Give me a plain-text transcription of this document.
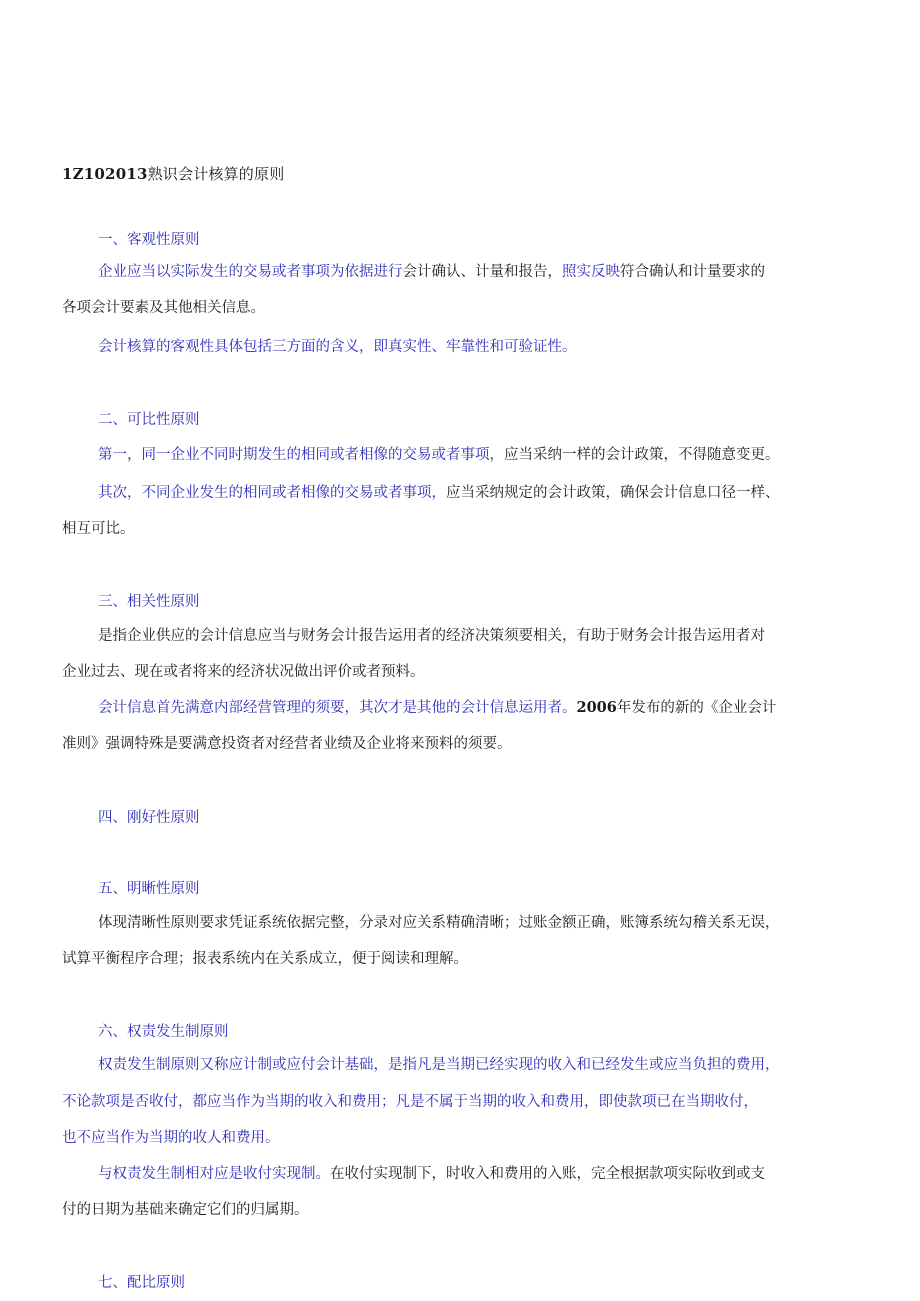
1Z102013熟识会计核算的原则
一、客观性原则
企业应当以实际发生的交易或者事项为依据进行会计确认、计量和报告，照实反映符合确认和计量要求的
各项会计要素及其他相关信息。
会计核算的客观性具体包括三方面的含义，即真实性、牢靠性和可验证性。
二、可比性原则
第一，同一企业不同时期发生的相同或者相像的交易或者事项，应当采纳一样的会计政策，不得随意变更。
其次，不同企业发生的相同或者相像的交易或者事项，应当采纳规定的会计政策，确保会计信息口径一样、
相互可比。
三、相关性原则
是指企业供应的会计信息应当与财务会计报告运用者的经济决策须要相关，有助于财务会计报告运用者对
企业过去、现在或者将来的经济状况做出评价或者预料。
会计信息首先满意内部经营管理的须要，其次才是其他的会计信息运用者。2006年发布的新的《企业会计
准则》强调特殊是要满意投资者对经营者业绩及企业将来预料的须要。
四、刚好性原则
五、明晰性原则
体现清晰性原则要求凭证系统依据完整，分录对应关系精确清晰；过账金额正确，账簿系统勾稽关系无误，
试算平衡程序合理；报表系统内在关系成立，便于阅读和理解。
六、权责发生制原则
权责发生制原则又称应计制或应付会计基础，是指凡是当期已经实现的收入和已经发生或应当负担的费用，
不论款项是否收付，都应当作为当期的收入和费用；凡是不属于当期的收入和费用，即使款项已在当期收付，
也不应当作为当期的收人和费用。
与权责发生制相对应是收付实现制。在收付实现制下，时收入和费用的入账，完全根据款项实际收到或支
付的日期为基础来确定它们的归属期。
七、配比原则
